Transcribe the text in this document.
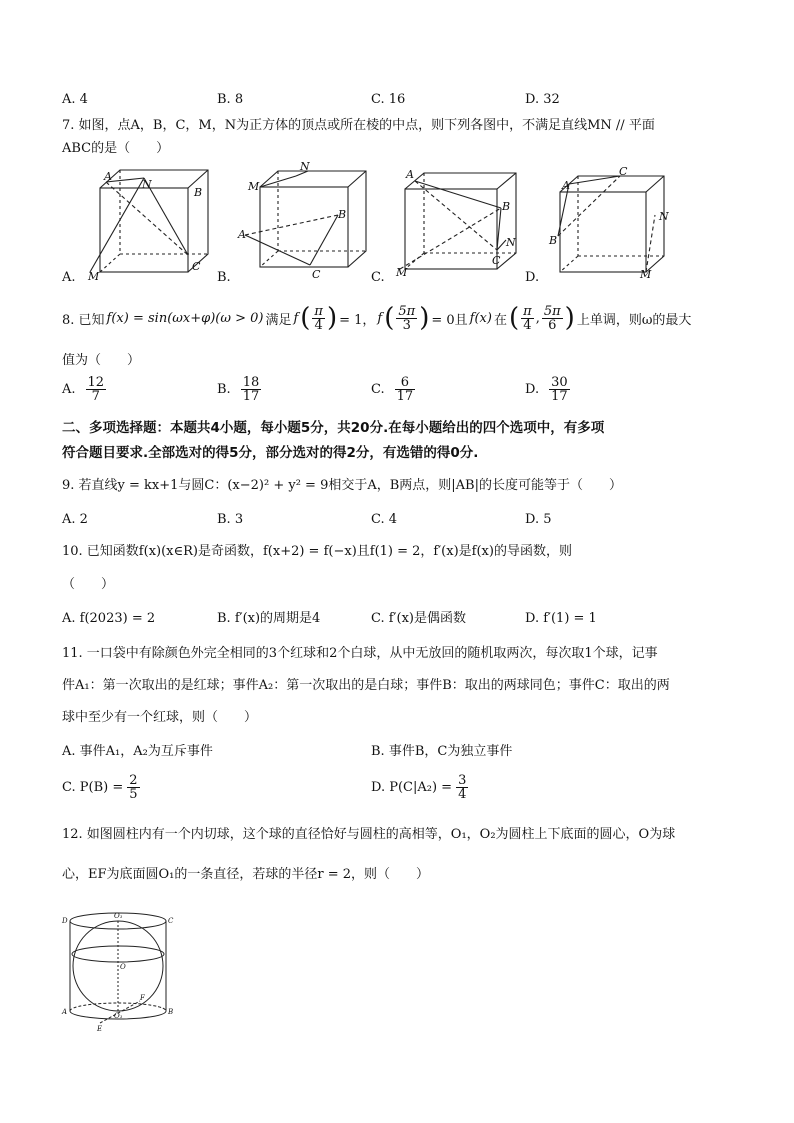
A. 4	B. 8	C. 16	D. 32
7. 如图，点A，B，C，M，N为正方体的顶点或所在棱的中点，则下列各图中，不满足直线MN // 平面
ABC的是（　　）
A
N
B
C
M
M
N
B
A
C
A
B
N
C
M
A
C
N
B
M
A.	B.	C.	D.
8. 已知 f(x) = sin(ωx+φ)(ω > 0) 满足 f ( $\frac{\pi}{4}$ ) = 1， f ( $\frac{5\pi}{3}$ ) = 0且 f(x) 在 ( $\frac{\pi}{4}$ , $\frac{5\pi}{6}$ ) 上单调，则ω的最大
值为（　　）
A. $\frac{12}{7}$	B. $\frac{18}{17}$	C. $\frac{6}{17}$	D. $\frac{30}{17}$
二、多项选择题：本题共4小题，每小题5分，共20分.在每小题给出的四个选项中，有多项
符合题目要求.全部选对的得5分，部分选对的得2分，有选错的得0分.
9. 若直线y = kx+1与圆C：(x−2)² + y² = 9相交于A，B两点，则|AB|的长度可能等于（　　）
A. 2	B. 3	C. 4	D. 5
10. 已知函数f(x)(x∈R)是奇函数，f(x+2) = f(−x)且f(1) = 2，f′(x)是f(x)的导函数，则
（　　）
A. f(2023) = 2	B. f′(x)的周期是4	C. f′(x)是偶函数	D. f′(1) = 1
11. 一口袋中有除颜色外完全相同的3个红球和2个白球，从中无放回的随机取两次，每次取1个球，记事
件A₁：第一次取出的是红球；事件A₂：第一次取出的是白球；事件B：取出的两球同色；事件C：取出的两
球中至少有一个红球，则（　　）
A. 事件A₁，A₂为互斥事件	B. 事件B，C为独立事件
C. $P(B) = \frac{2}{5}$	D. $P(C|A_2) = \frac{3}{4}$
12. 如图圆柱内有一个内切球，这个球的直径恰好与圆柱的高相等，O₁，O₂为圆柱上下底面的圆心，O为球
心，EF为底面圆O₁的一条直径，若球的半径r = 2，则（　　）
D	C
O₁
O
A	B
O₁
F
E
